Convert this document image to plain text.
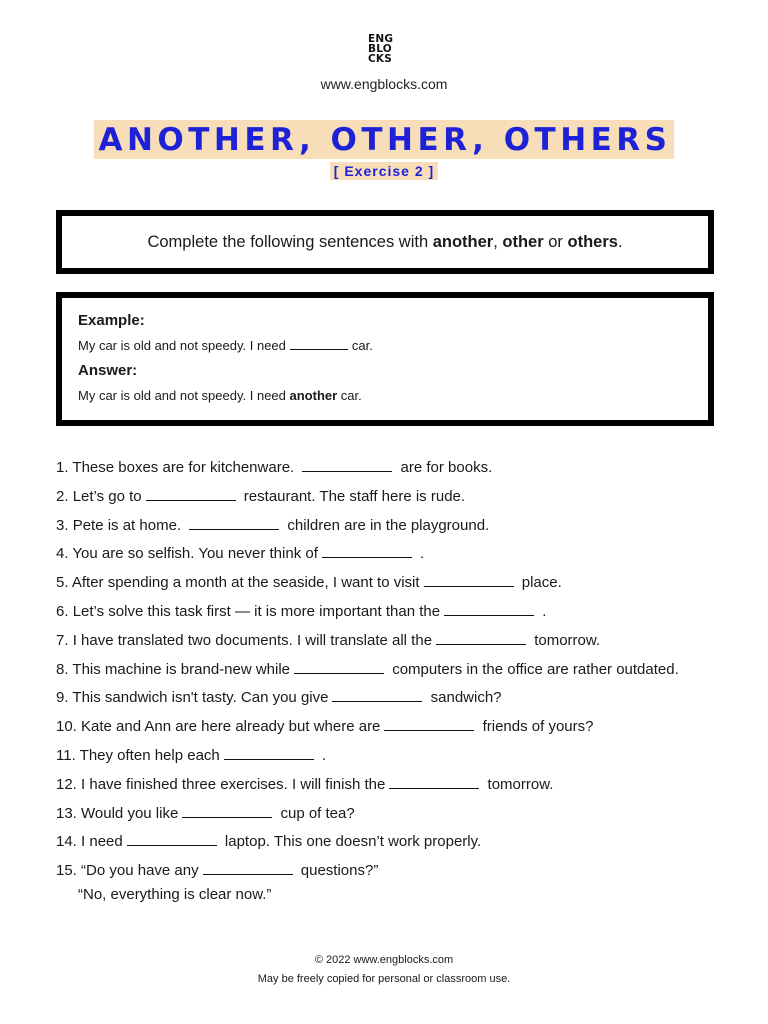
ENG
BLO
CKS
www.engblocks.com
ANOTHER, OTHER, OTHERS
[ Exercise 2 ]
Complete the following sentences with another, other or others.
Example:
My car is old and not speedy. I need	car.
Answer:
My car is old and not speedy. I need another car.
1. These boxes are for kitchenware.	are for books.
2. Let’s go to	restaurant. The staff here is rude.
3. Pete is at home.	children are in the playground.
4. You are so selfish. You never think of	.
5. After spending a month at the seaside, I want to visit	place.
6. Let’s solve this task first — it is more important than the	.
7. I have translated two documents. I will translate all the	tomorrow.
8. This machine is brand-new while	computers in the office are rather outdated.
9. This sandwich isn't tasty. Can you give	sandwich?
10. Kate and Ann are here already but where are	friends of yours?
11. They often help each	.
12. I have finished three exercises. I will finish the	tomorrow.
13. Would you like	cup of tea?
14. I need	laptop. This one doesn’t work properly.
15. “Do you have any	questions?”
“No, everything is clear now.”
© 2022 www.engblocks.com
May be freely copied for personal or classroom use.
